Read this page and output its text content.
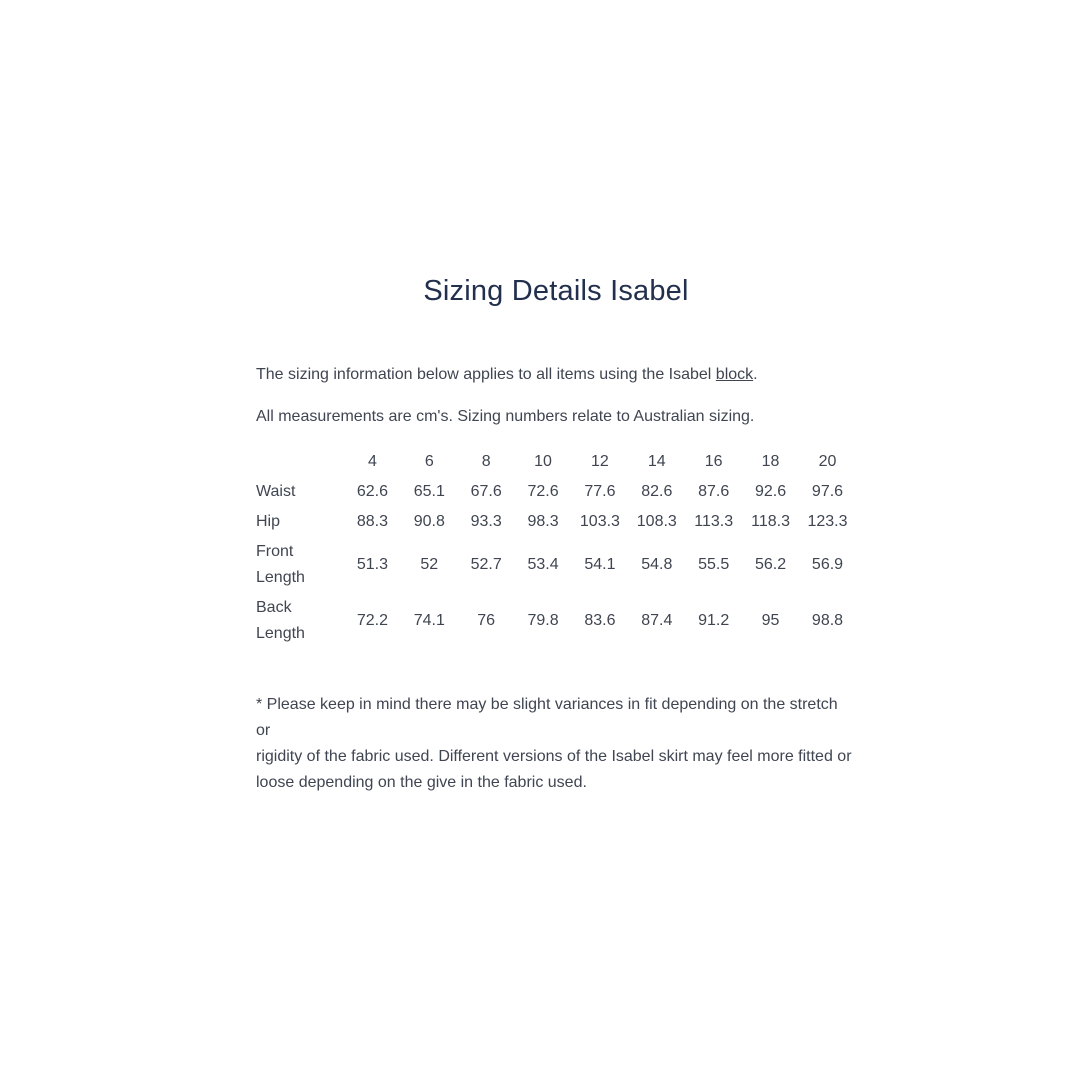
Sizing Details Isabel

The sizing information below applies to all items using the Isabel block.

All measurements are cm's. Sizing numbers relate to Australian sizing.

	4	6	8	10	12	14	16	18	20
Waist	62.6	65.1	67.6	72.6	77.6	82.6	87.6	92.6	97.6
Hip	88.3	90.8	93.3	98.3	103.3	108.3	113.3	118.3	123.3
Front Length	51.3	52	52.7	53.4	54.1	54.8	55.5	56.2	56.9
Back Length	72.2	74.1	76	79.8	83.6	87.4	91.2	95	98.8
* Please keep in mind there may be slight variances in fit depending on the stretch or
rigidity of the fabric used. Different versions of the Isabel skirt may feel more fitted or
loose depending on the give in the fabric used.
